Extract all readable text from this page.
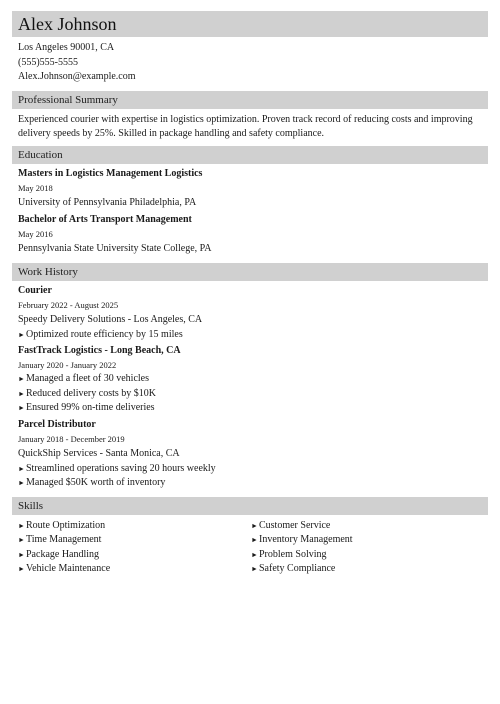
Alex Johnson
Los Angeles 90001, CA
(555)555-5555
Alex.Johnson@example.com
Professional Summary
Experienced courier with expertise in logistics optimization. Proven track record of reducing costs and improving delivery speeds by 25%. Skilled in package handling and safety compliance.
Education
Masters in Logistics Management Logistics
May 2018
University of Pennsylvania Philadelphia, PA
Bachelor of Arts Transport Management
May 2016
Pennsylvania State University State College, PA
Work History
Courier
February 2022 - August 2025
Speedy Delivery Solutions - Los Angeles, CA
► Optimized route efficiency by 15 miles
FastTrack Logistics - Long Beach, CA
January 2020 - January 2022
► Managed a fleet of 30 vehicles
► Reduced delivery costs by $10K
► Ensured 99% on-time deliveries
Parcel Distributor
January 2018 - December 2019
QuickShip Services - Santa Monica, CA
► Streamlined operations saving 20 hours weekly
► Managed $50K worth of inventory
Skills
► Route Optimization
► Time Management
► Package Handling
► Vehicle Maintenance
► Customer Service
► Inventory Management
► Problem Solving
► Safety Compliance
